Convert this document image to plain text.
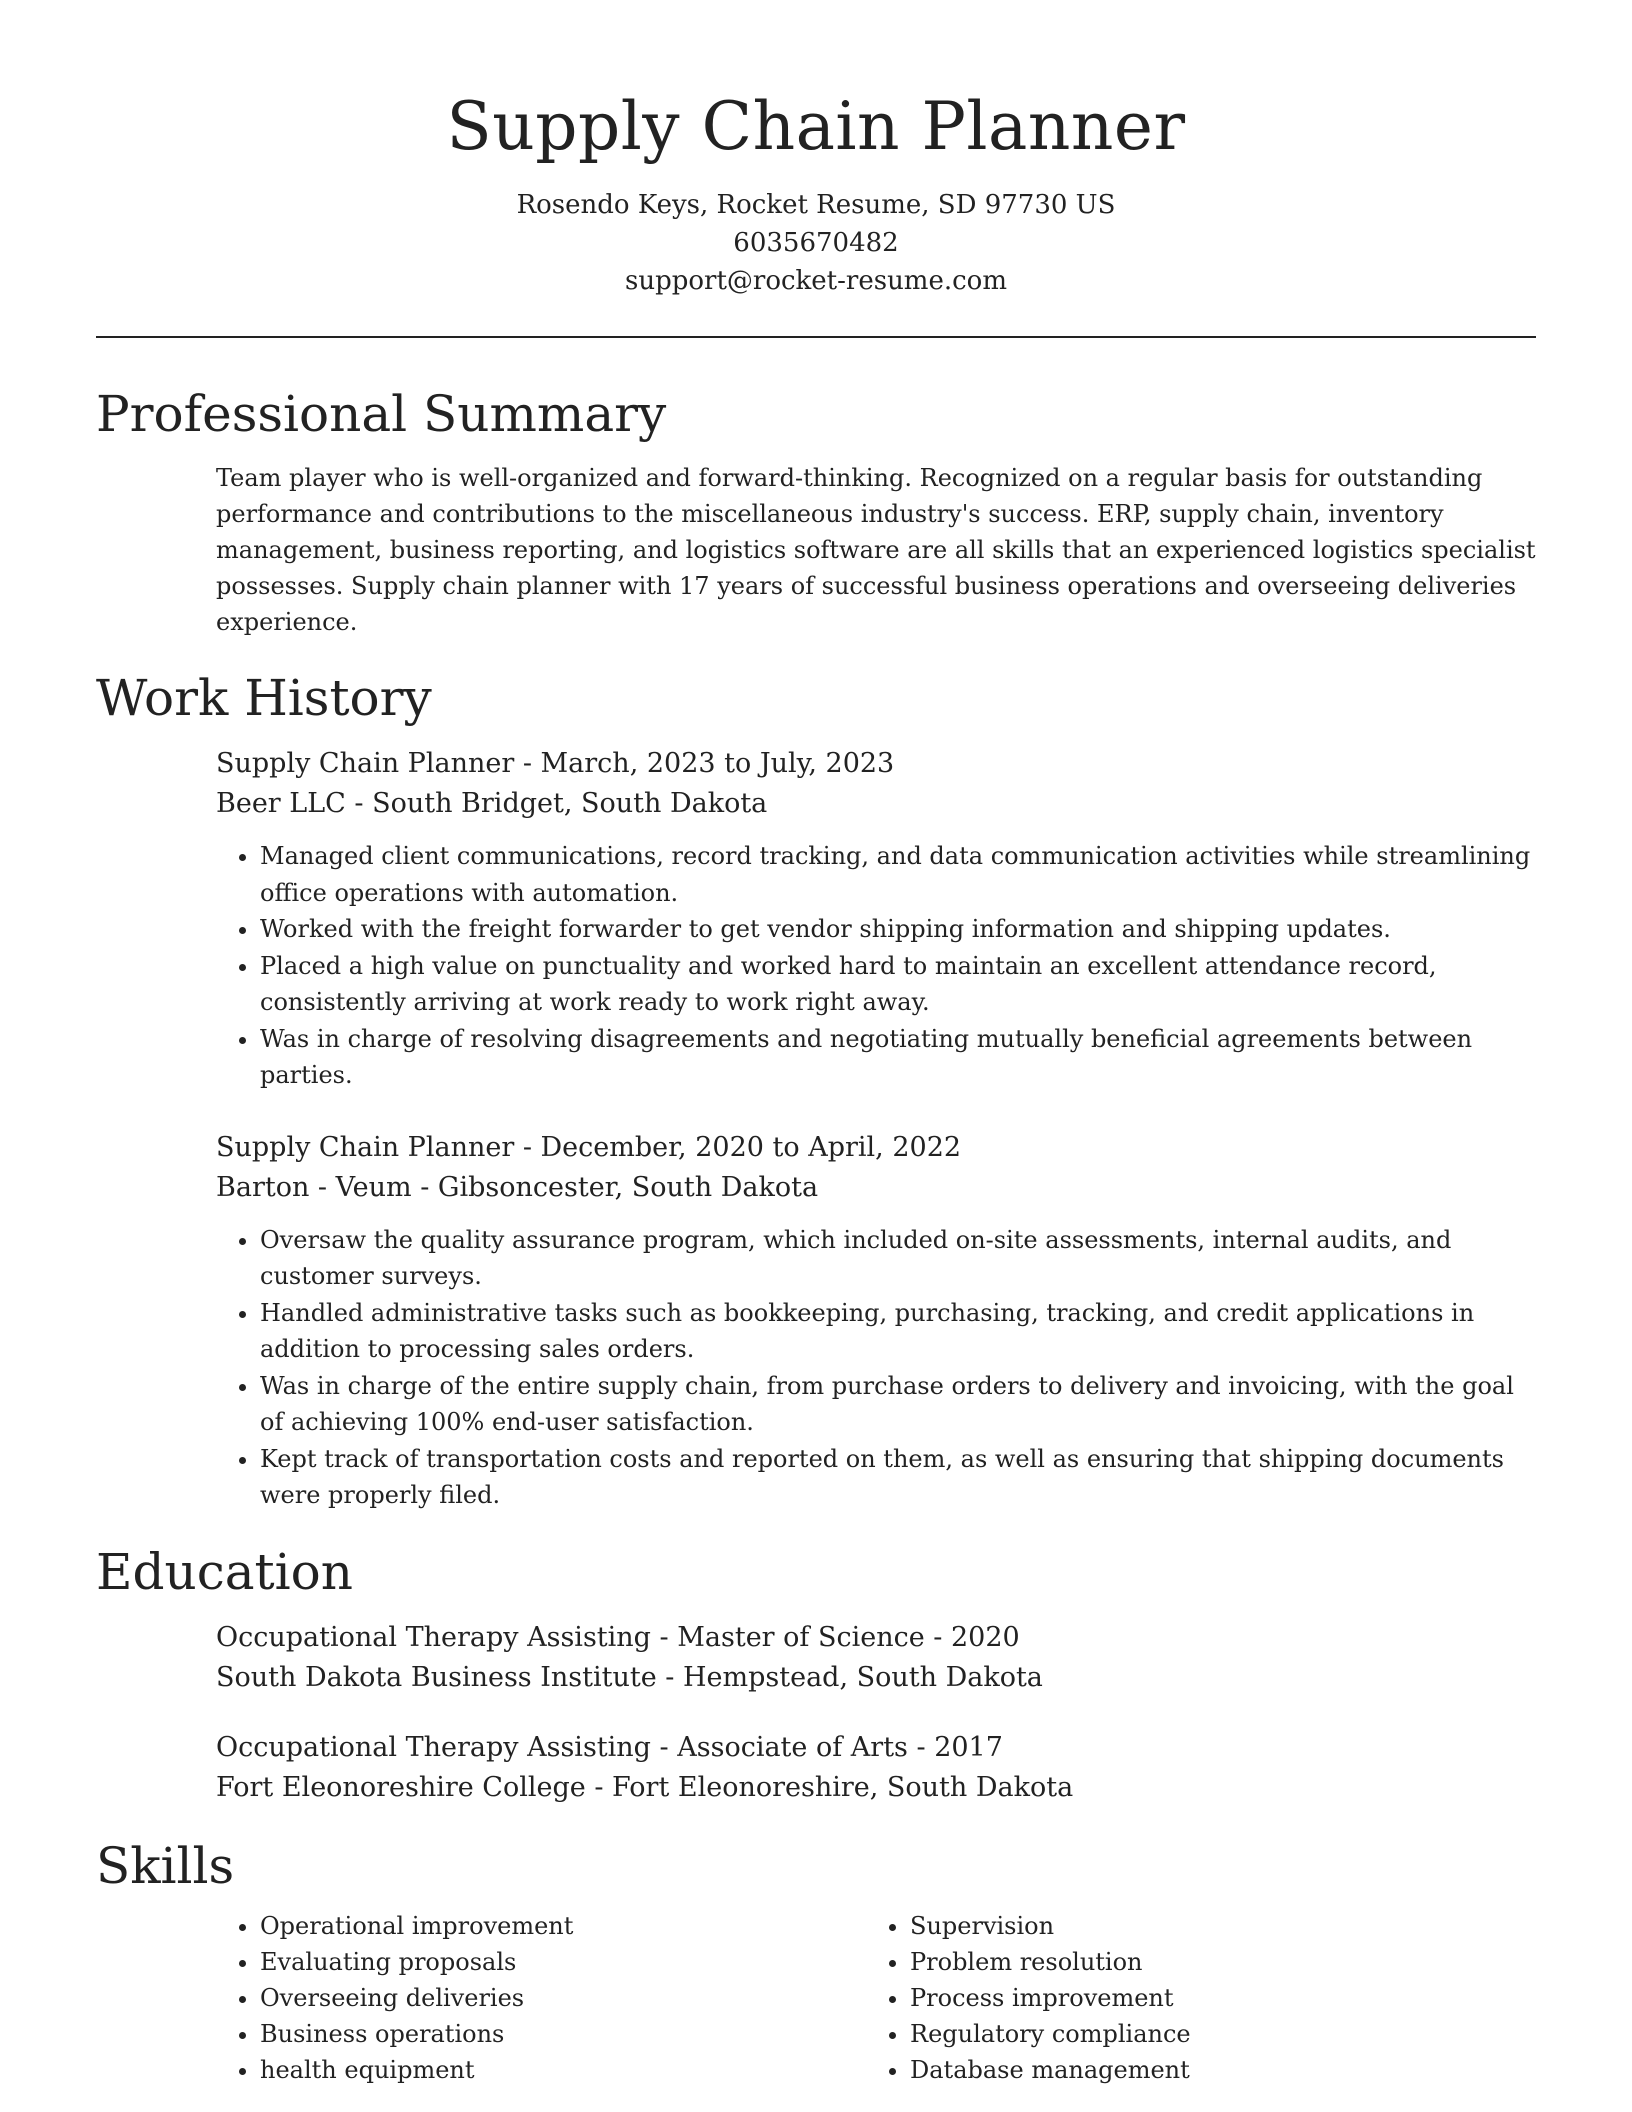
Supply Chain Planner

Rosendo Keys, Rocket Resume, SD 97730 US

6035670482

support@rocket-resume.com

Professional Summary

Team player who is well-organized and forward-thinking. Recognized on a regular basis for outstanding performance and contributions to the miscellaneous industry's success. ERP, supply chain, inventory management, business reporting, and logistics software are all skills that an experienced logistics specialist possesses. Supply chain planner with 17 years of successful business operations and overseeing deliveries experience.

Work History

Supply Chain Planner - March, 2023 to July, 2023

Beer LLC - South Bridget, South Dakota

• Managed client communications, record tracking, and data communication activities while streamlining office operations with automation.
• Worked with the freight forwarder to get vendor shipping information and shipping updates.
• Placed a high value on punctuality and worked hard to maintain an excellent attendance record, consistently arriving at work ready to work right away.
• Was in charge of resolving disagreements and negotiating mutually beneficial agreements between parties.

Supply Chain Planner - December, 2020 to April, 2022

Barton - Veum - Gibsoncester, South Dakota

• Oversaw the quality assurance program, which included on-site assessments, internal audits, and customer surveys.
• Handled administrative tasks such as bookkeeping, purchasing, tracking, and credit applications in addition to processing sales orders.
• Was in charge of the entire supply chain, from purchase orders to delivery and invoicing, with the goal of achieving 100% end-user satisfaction.
• Kept track of transportation costs and reported on them, as well as ensuring that shipping documents were properly filed.
Education

Occupational Therapy Assisting - Master of Science - 2020

South Dakota Business Institute - Hempstead, South Dakota

Occupational Therapy Assisting - Associate of Arts - 2017

Fort Eleonoreshire College - Fort Eleonoreshire, South Dakota

Skills
• Operational improvement
• Evaluating proposals
• Overseeing deliveries
• Business operations
• health equipment
• Supervision
• Problem resolution
• Process improvement
• Regulatory compliance
• Database management
